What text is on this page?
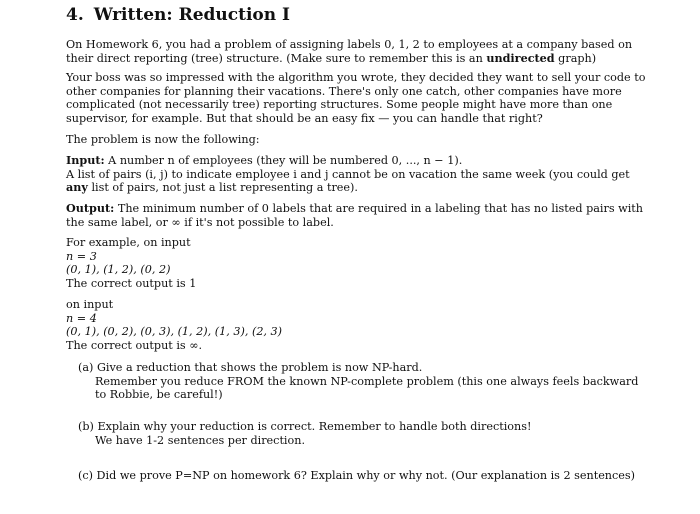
4. Written: Reduction I

On Homework 6, you had a problem of assigning labels 0, 1, 2 to employees at a company based on their direct reporting (tree) structure. (Make sure to remember this is an undirected graph)

Your boss was so impressed with the algorithm you wrote, they decided they want to sell your code to other companies for planning their vacations. There's only one catch, other companies have more complicated (not necessarily tree) reporting structures. Some people might have more than one supervisor, for example. But that should be an easy fix — you can handle that right?

The problem is now the following:

Input: A number n of employees (they will be numbered 0, ..., n − 1).
A list of pairs (i, j) to indicate employee i and j cannot be on vacation the same week (you could get any list of pairs, not just a list representing a tree).

Output: The minimum number of 0 labels that are required in a labeling that has no listed pairs with the same label, or ∞ if it's not possible to label.

For example, on input
n = 3
(0, 1), (1, 2), (0, 2)
The correct output is 1

on input
n = 4
(0, 1), (0, 2), (0, 3), (1, 2), (1, 3), (2, 3)
The correct output is ∞.

(a) Give a reduction that shows the problem is now NP-hard.
Remember you reduce FROM the known NP-complete problem (this one always feels backward to Robbie, be careful!)

(b) Explain why your reduction is correct. Remember to handle both directions!
We have 1-2 sentences per direction.

(c) Did we prove P=NP on homework 6? Explain why or why not. (Our explanation is 2 sentences)
